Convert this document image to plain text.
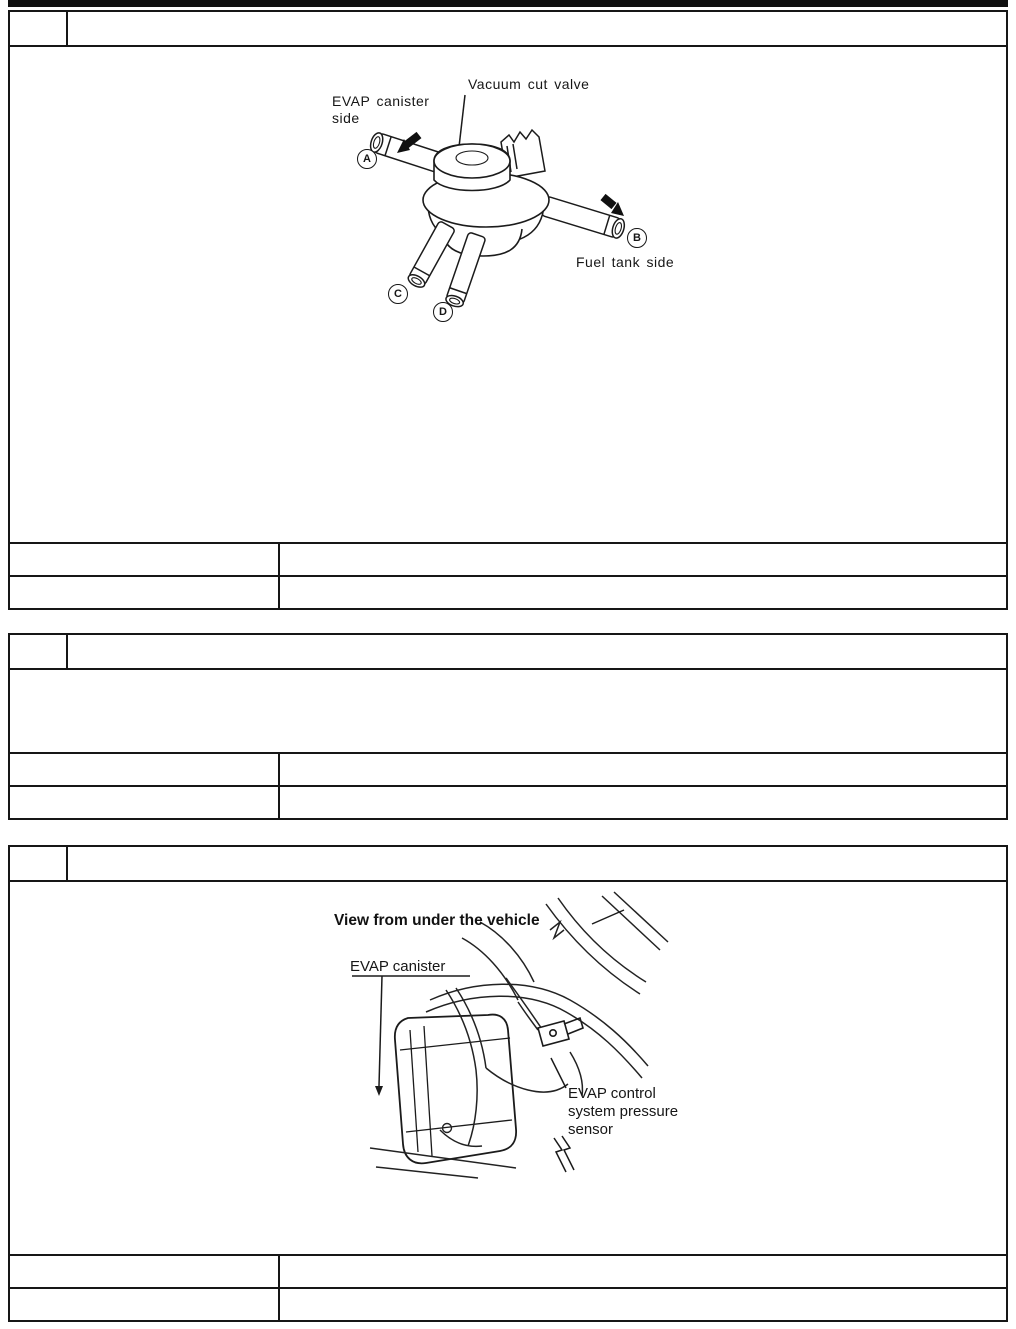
Vacuum cut valve
EVAP canister side
Fuel tank side
A
B
C
D
View from under the vehicle
EVAP canister
EVAP control system pressure sensor
